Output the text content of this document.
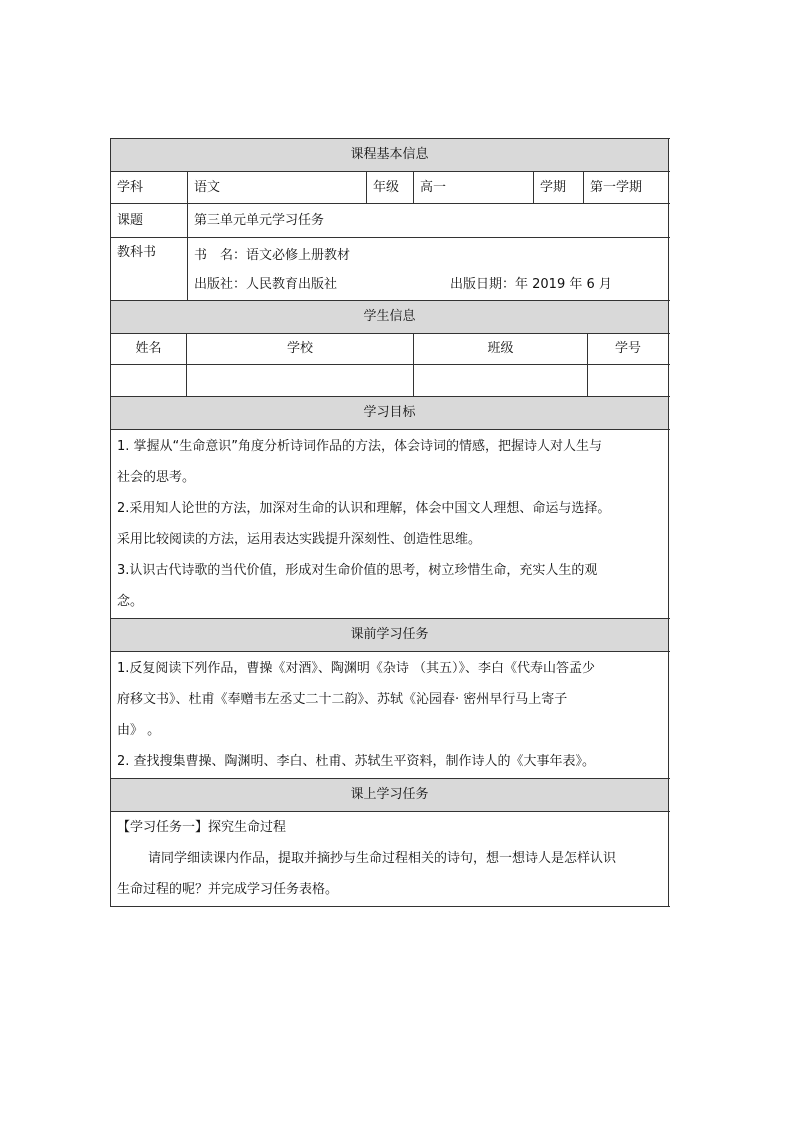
课程基本信息
学科	语文	年级	高一	学期	第一学期
课题	第三单元单元学习任务
教科书	书　名：语文必修上册教材
出版社：人民教育出版社	出版日期：年 2019 年 6 月
学生信息
姓名	学校	班级	学号
学习目标

1. 掌握从“生命意识”角度分析诗词作品的方法，体会诗词的情感，把握诗人对人生与

社会的思考。

2.采用知人论世的方法，加深对生命的认识和理解，体会中国文人理想、命运与选择。

采用比较阅读的方法，运用表达实践提升深刻性、创造性思维。

3.认识古代诗歌的当代价值，形成对生命价值的思考，树立珍惜生命，充实人生的观

念。

课前学习任务

1.反复阅读下列作品，曹操《对酒》、陶渊明《杂诗 （其五）》、李白《代寿山答孟少

府移文书》、杜甫《奉赠韦左丞丈二十二韵》、苏轼《沁园春· 密州早行马上寄子

由》 。

2. 查找搜集曹操、陶渊明、李白、杜甫、苏轼生平资料，制作诗人的《大事年表》。

课上学习任务

【学习任务一】探究生命过程

请同学细读课内作品，提取并摘抄与生命过程相关的诗句，想一想诗人是怎样认识

生命过程的呢？并完成学习任务表格。
